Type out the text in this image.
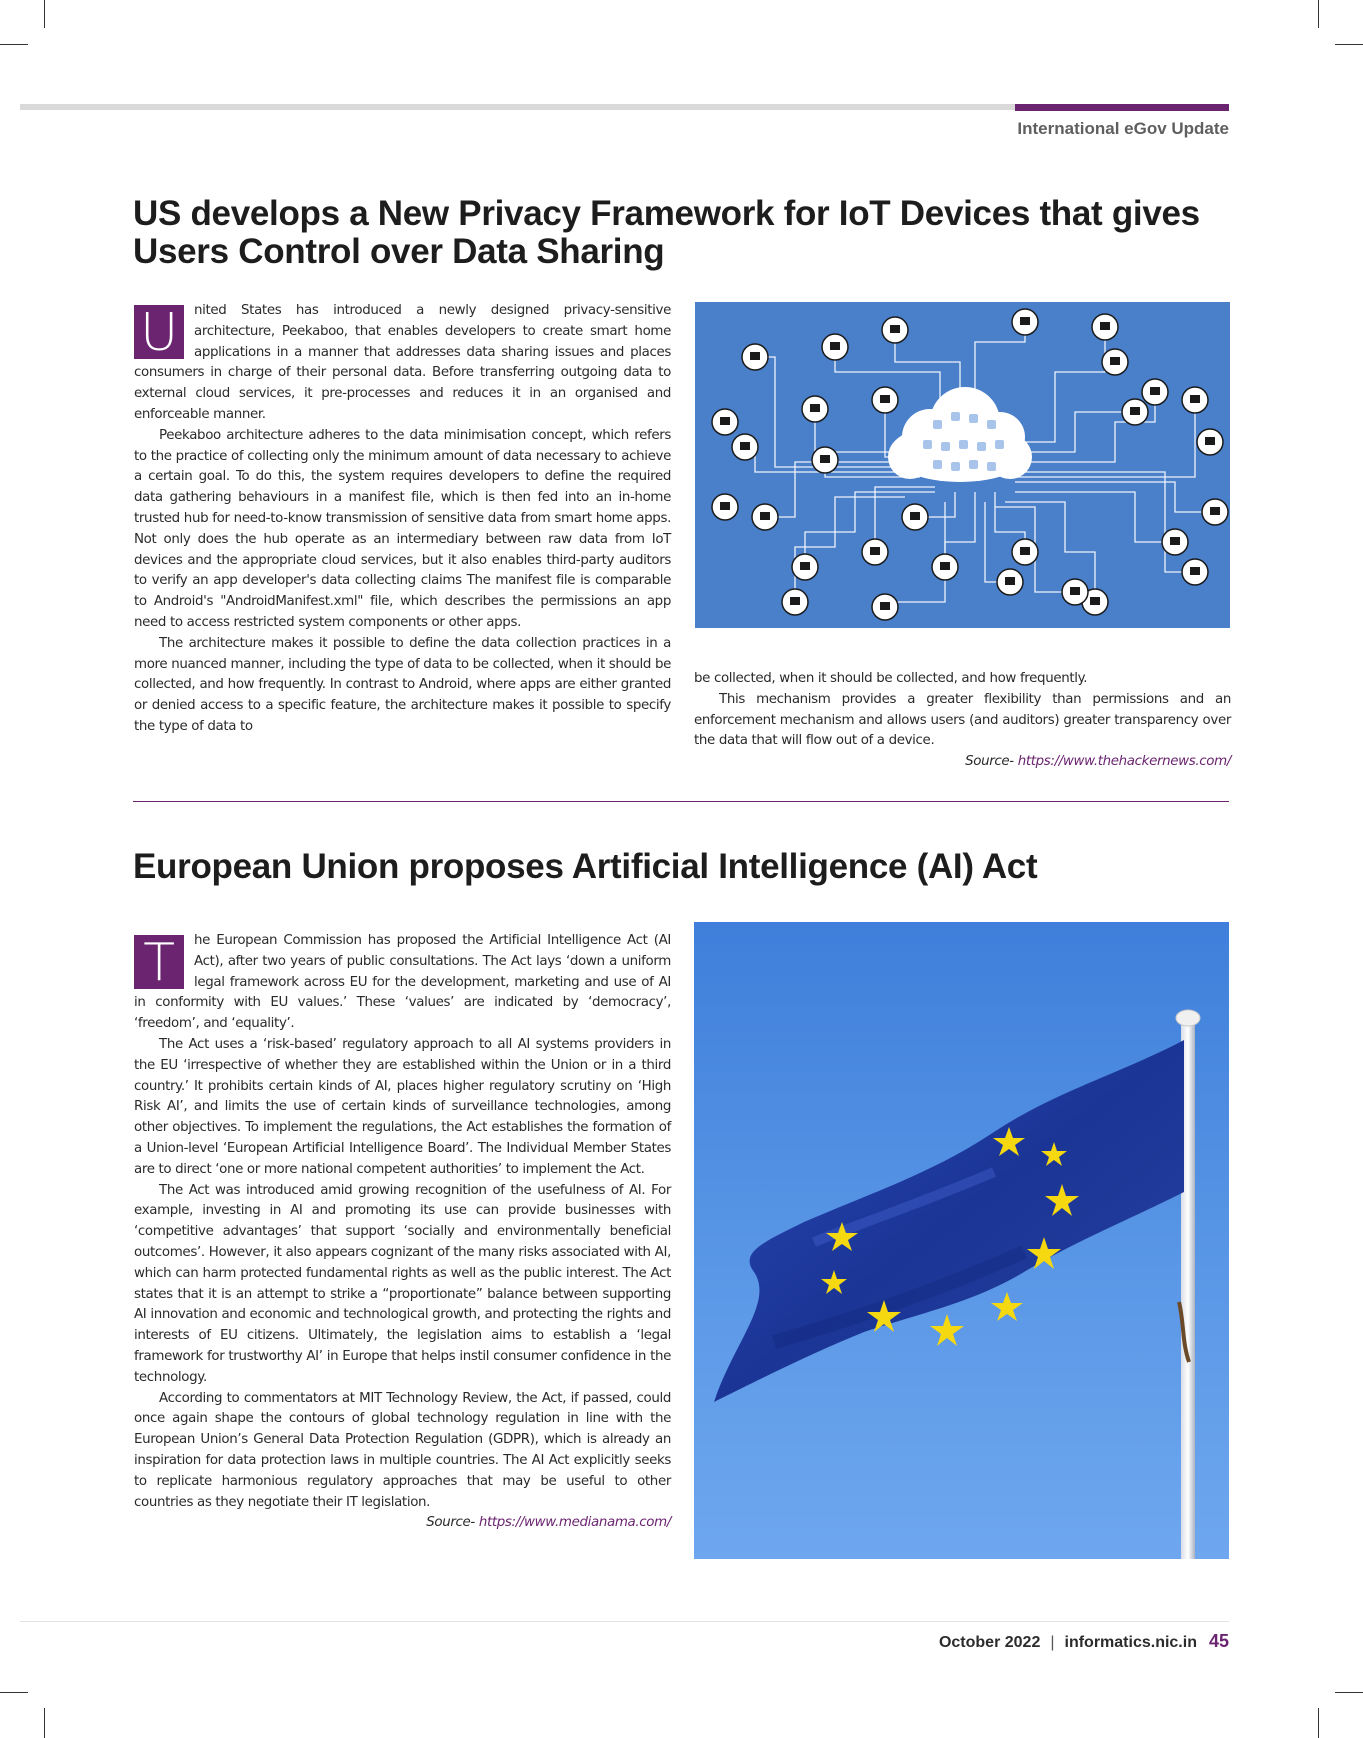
International eGov Update
US develops a New Privacy Framework for IoT Devices that gives
Users Control over Data Sharing

U	nited States has introduced a newly designed privacy-sensitive architecture, Peekaboo, that enables developers to create smart home applications in a manner that addresses data sharing issues and places consumers in charge of their personal data. Before transferring outgoing data to external cloud services, it pre-processes and reduces it in an organised and enforceable manner.

Peekaboo architecture adheres to the data minimisation concept, which refers to the practice of collecting only the minimum amount of data necessary to achieve a certain goal. To do this, the system requires developers to define the required data gathering behaviours in a manifest file, which is then fed into an in-home trusted hub for need-to-know transmission of sensitive data from smart home apps. Not only does the hub operate as an intermediary between raw data from IoT devices and the appropriate cloud services, but it also enables third-party auditors to verify an app developer's data collecting claims The manifest file is comparable to Android's "AndroidManifest.xml" file, which describes the permissions an app need to access restricted system components or other apps.

The architecture makes it possible to define the data collection practices in a more nuanced manner, including the type of data to be collected, when it should be collected, and how frequently. In contrast to Android, where apps are either granted or denied access to a specific feature, the architecture makes it possible to specify the type of data to

be collected, when it should be collected, and how frequently.

This mechanism provides a greater flexibility than permissions and an enforcement mechanism and allows users (and auditors) greater transparency over the data that will flow out of a device.

Source- https://www.thehackernews.com/

European Union proposes Artificial Intelligence (AI) Act

T	he European Commission has proposed the Artificial Intelligence Act (AI Act), after two years of public consultations. The Act lays ‘down a uniform legal framework across EU for the development, marketing and use of AI in conformity with EU values.’ These ‘values’ are indicated by ‘democracy’, ‘freedom’, and ‘equality’.

The Act uses a ‘risk-based’ regulatory approach to all AI systems providers in the EU ‘irrespective of whether they are established within the Union or in a third country.’ It prohibits certain kinds of AI, places higher regulatory scrutiny on ‘High Risk AI’, and limits the use of certain kinds of surveillance technologies, among other objectives. To implement the regulations, the Act establishes the formation of a Union-level ‘European Artificial Intelligence Board’. The Individual Member States are to direct ‘one or more national competent authorities’ to implement the Act.

The Act was introduced amid growing recognition of the usefulness of AI. For example, investing in AI and promoting its use can provide businesses with ‘competitive advantages’ that support ‘socially and environmentally beneficial outcomes’. However, it also appears cognizant of the many risks associated with AI, which can harm protected fundamental rights as well as the public interest. The Act states that it is an attempt to strike a “proportionate” balance between supporting AI innovation and economic and technological growth, and protecting the rights and interests of EU citizens. Ultimately, the legislation aims to establish a ‘legal framework for trustworthy AI’ in Europe that helps instil consumer confidence in the technology.

According to commentators at MIT Technology Review, the Act, if passed, could once again shape the contours of global technology regulation in line with the European Union’s General Data Protection Regulation (GDPR), which is already an inspiration for data protection laws in multiple countries. The AI Act explicitly seeks to replicate harmonious regulatory approaches that may be useful to other countries as they negotiate their IT legislation.

Source- https://www.medianama.com/

October 2022 | informatics.nic.in 45
